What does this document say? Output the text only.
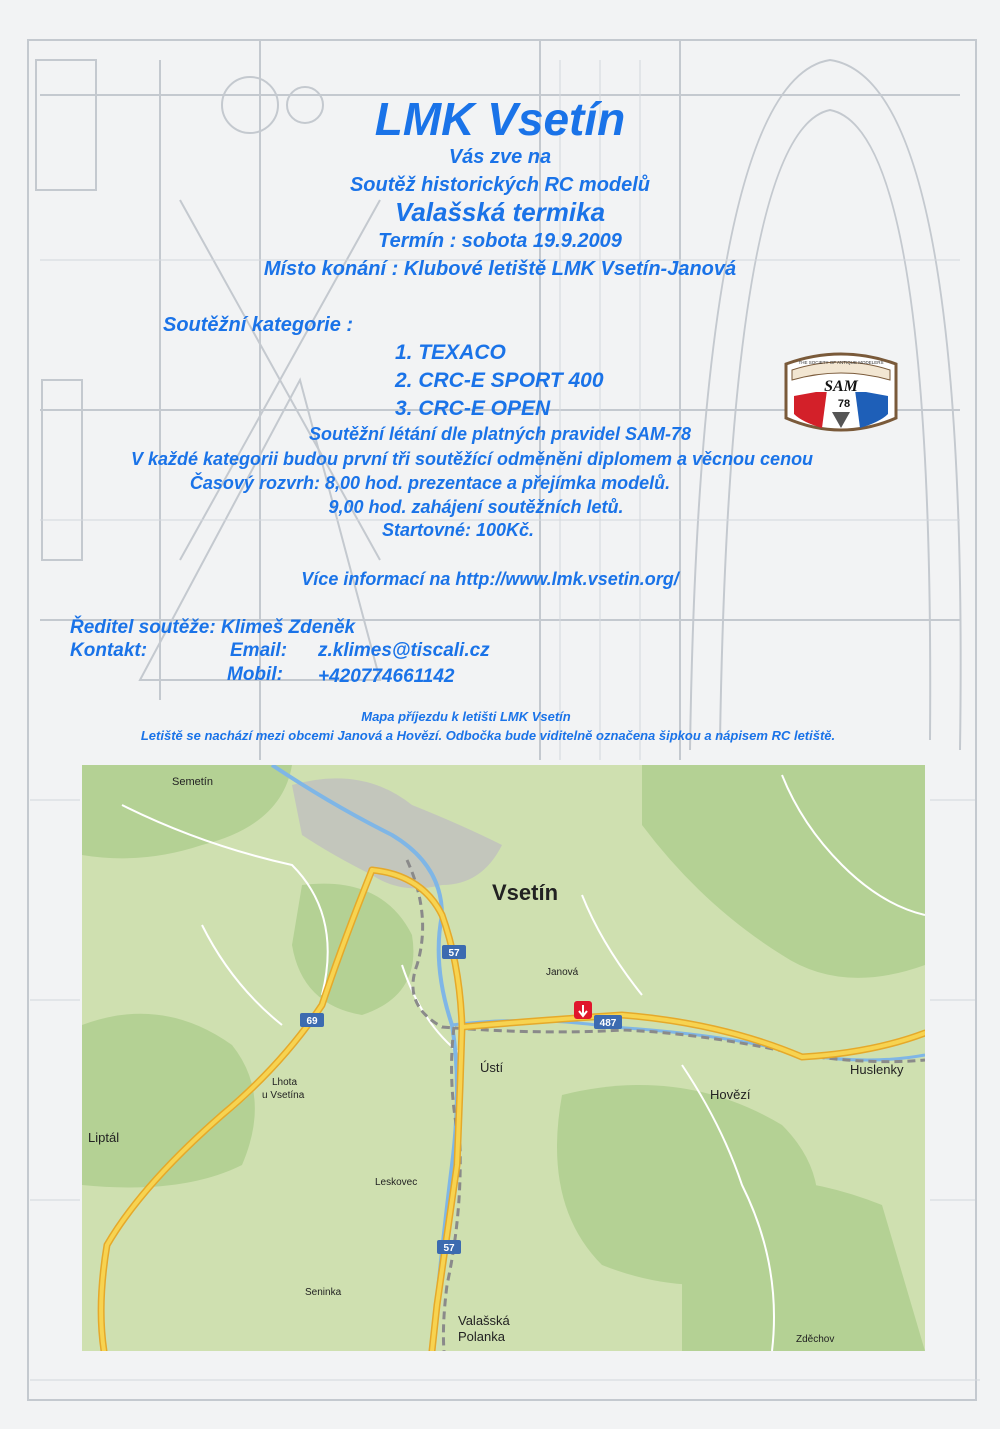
LMK Vsetín
Vás zve na
Soutěž historických RC modelů
Valašská termika
Termín : sobota 19.9.2009
Místo konání : Klubové letiště LMK Vsetín-Janová
Soutěžní kategorie :
1. TEXACO
2. CRC-E SPORT 400
3. CRC-E OPEN
SAM
78
THE SOCIETY OF ANTIQUE MODELERS
Soutěžní létání dle platných pravidel SAM-78
V každé kategorii budou první tři soutěžící odměněni diplomem a věcnou cenou
Časový rozvrh: 8,00 hod. prezentace a přejímka modelů.
9,00 hod. zahájení soutěžních letů.
Startovné: 100Kč.
Více informací na http://www.lmk.vsetin.org/
Ředitel soutěže: Klimeš Zdeněk
Kontakt:	Email: z.klimes@tiscali.cz
Mobil: +420774661142
Mapa příjezdu k letišti LMK Vsetín
Letiště se nachází mezi obcemi Janová a Hovězí. Odbočka bude viditelně označena šipkou a nápisem RC letiště.
57
69	487
57
Semetín
Vsetín
Janová
Ústí	Huslenky
Hovězí
Lhota
u Vsetína
Liptál
Leskovec
Seninka
Valašská
Polanka	Zděchov
